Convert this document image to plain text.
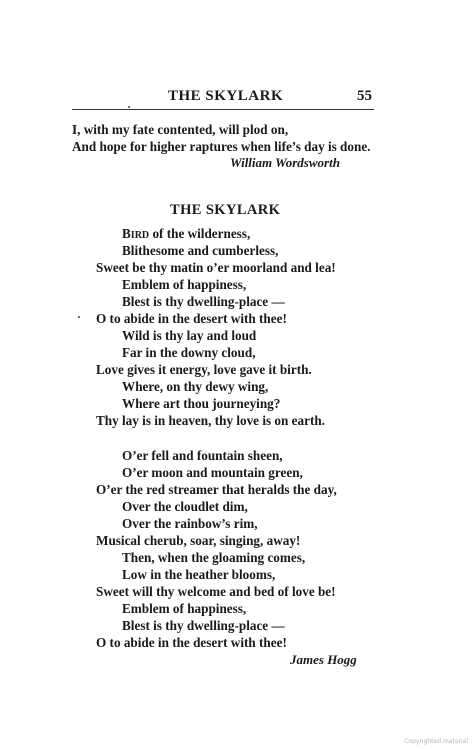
THE SKYLARK	55
I, with my fate contented, will plod on,
And hope for higher raptures when life’s day is done.
William Wordsworth
THE SKYLARK
BIRD of the wilderness,
Blithesome and cumberless,
Sweet be thy matin o’er moorland and lea!
Emblem of happiness,
Blest is thy dwelling-place —
O to abide in the desert with thee!
Wild is thy lay and loud
Far in the downy cloud,
Love gives it energy, love gave it birth.
Where, on thy dewy wing,
Where art thou journeying?
Thy lay is in heaven, thy love is on earth.
O’er fell and fountain sheen,
O’er moon and mountain green,
O’er the red streamer that heralds the day,
Over the cloudlet dim,
Over the rainbow’s rim,
Musical cherub, soar, singing, away!
Then, when the gloaming comes,
Low in the heather blooms,
Sweet will thy welcome and bed of love be!
Emblem of happiness,
Blest is thy dwelling-place —
O to abide in the desert with thee!
James Hogg
Copyrighted material
